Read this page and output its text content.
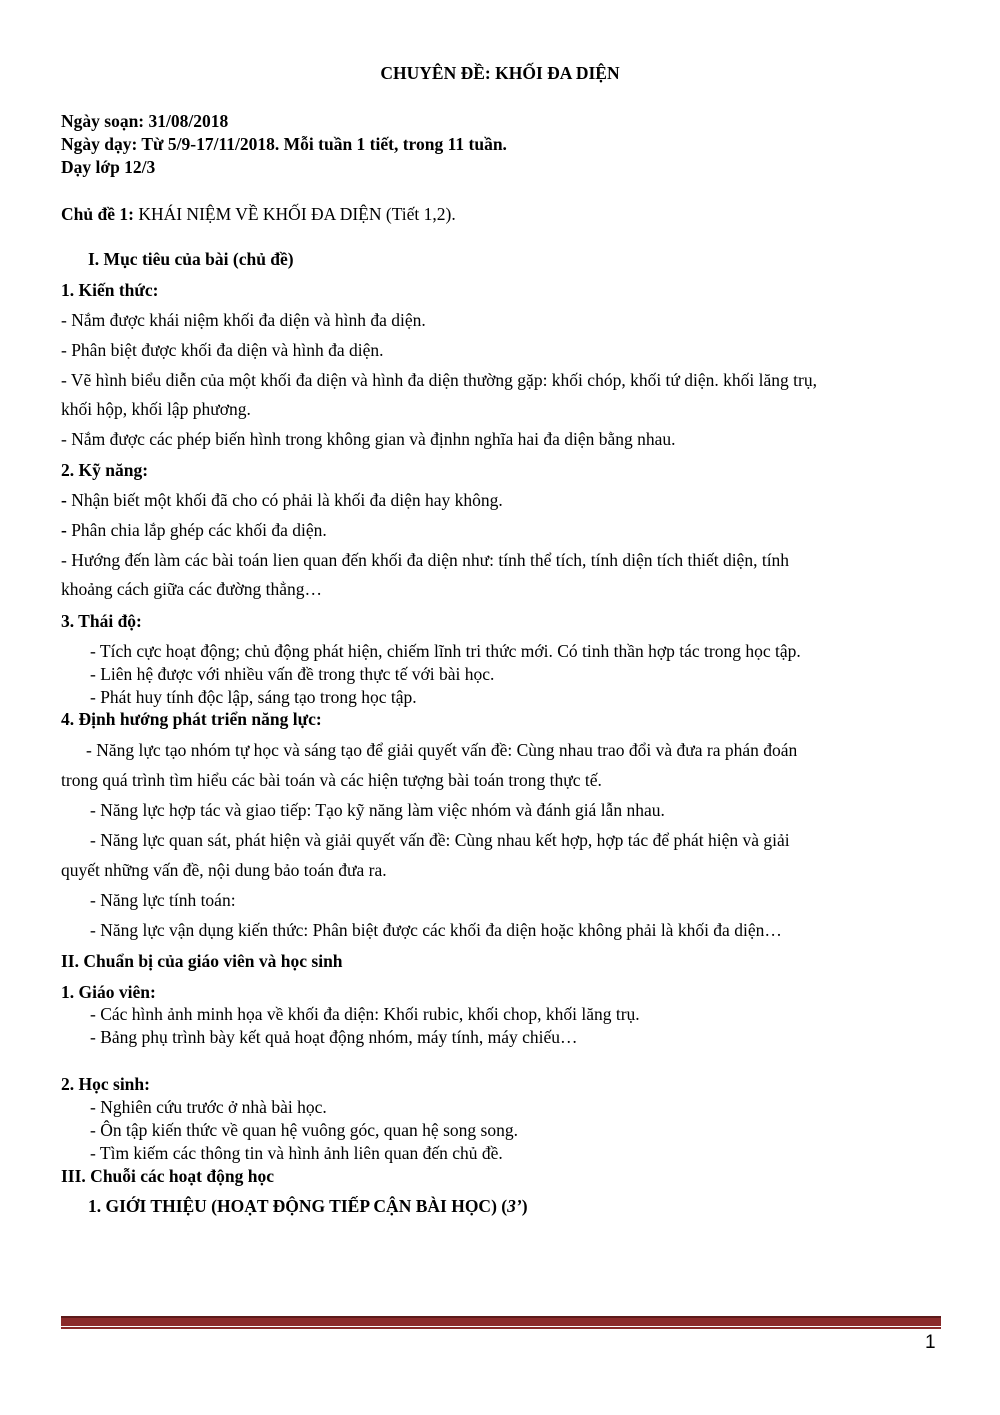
CHUYÊN ĐỀ: KHỐI ĐA DIỆN
Ngày soạn: 31/08/2018
Ngày dạy: Từ 5/9-17/11/2018. Mỗi tuần 1 tiết, trong 11 tuần.
Dạy lớp 12/3
Chủ đề 1: KHÁI NIỆM VỀ KHỐI ĐA DIỆN (Tiết 1,2).
I. Mục tiêu của bài (chủ đề)
1. Kiến thức:
- Nắm được khái niệm khối đa diện và hình đa diện.
- Phân biệt được khối đa diện và hình đa diện.
- Vẽ hình biểu diễn của một khối đa diện và hình đa diện thường gặp: khối chóp, khối tứ diện. khối lăng trụ,
khối hộp, khối lập phương.
- Nắm được các phép biến hình trong không gian và địnhn nghĩa hai đa diện bằng nhau.
2. Kỹ năng:
- Nhận biết một khối đã cho có phải là khối đa diện hay không.
- Phân chia lắp ghép các khối đa diện.
- Hướng đến làm các bài toán lien quan đến khối đa diện như: tính thể tích, tính diện tích thiết diện, tính
khoảng cách giữa các đường thẳng…
3. Thái độ:
- Tích cực hoạt động; chủ động phát hiện, chiếm lĩnh tri thức mới. Có tinh thần hợp tác trong học tập.
- Liên hệ được với nhiều vấn đề trong thực tế với bài học.
- Phát huy tính độc lập, sáng tạo trong học tập.
4. Định hướng phát triển năng lực:
- Năng lực tạo nhóm tự học và sáng tạo để giải quyết vấn đề: Cùng nhau trao đổi và đưa ra phán đoán
trong quá trình tìm hiểu các bài toán và các hiện tượng bài toán trong thực tế.
- Năng lực hợp tác và giao tiếp: Tạo kỹ năng làm việc nhóm và đánh giá lẫn nhau.
- Năng lực quan sát, phát hiện và giải quyết vấn đề: Cùng nhau kết hợp, hợp tác để phát hiện và giải
quyết những vấn đề, nội dung bảo toán đưa ra.
- Năng lực tính toán:
- Năng lực vận dụng kiến thức: Phân biệt được các khối đa diện hoặc không phải là khối đa diện…
II. Chuẩn bị của giáo viên và học sinh
1. Giáo viên:
- Các hình ảnh minh họa về khối đa diện: Khối rubic, khối chop, khối lăng trụ.
- Bảng phụ trình bày kết quả hoạt động nhóm, máy tính, máy chiếu…
2. Học sinh:
- Nghiên cứu trước ở nhà bài học.
- Ôn tập kiến thức về quan hệ vuông góc, quan hệ song song.
- Tìm kiếm các thông tin và hình ảnh liên quan đến chủ đề.
III. Chuỗi các hoạt động học
1. GIỚI THIỆU (HOẠT ĐỘNG TIẾP CẬN BÀI HỌC) (3’)
1
